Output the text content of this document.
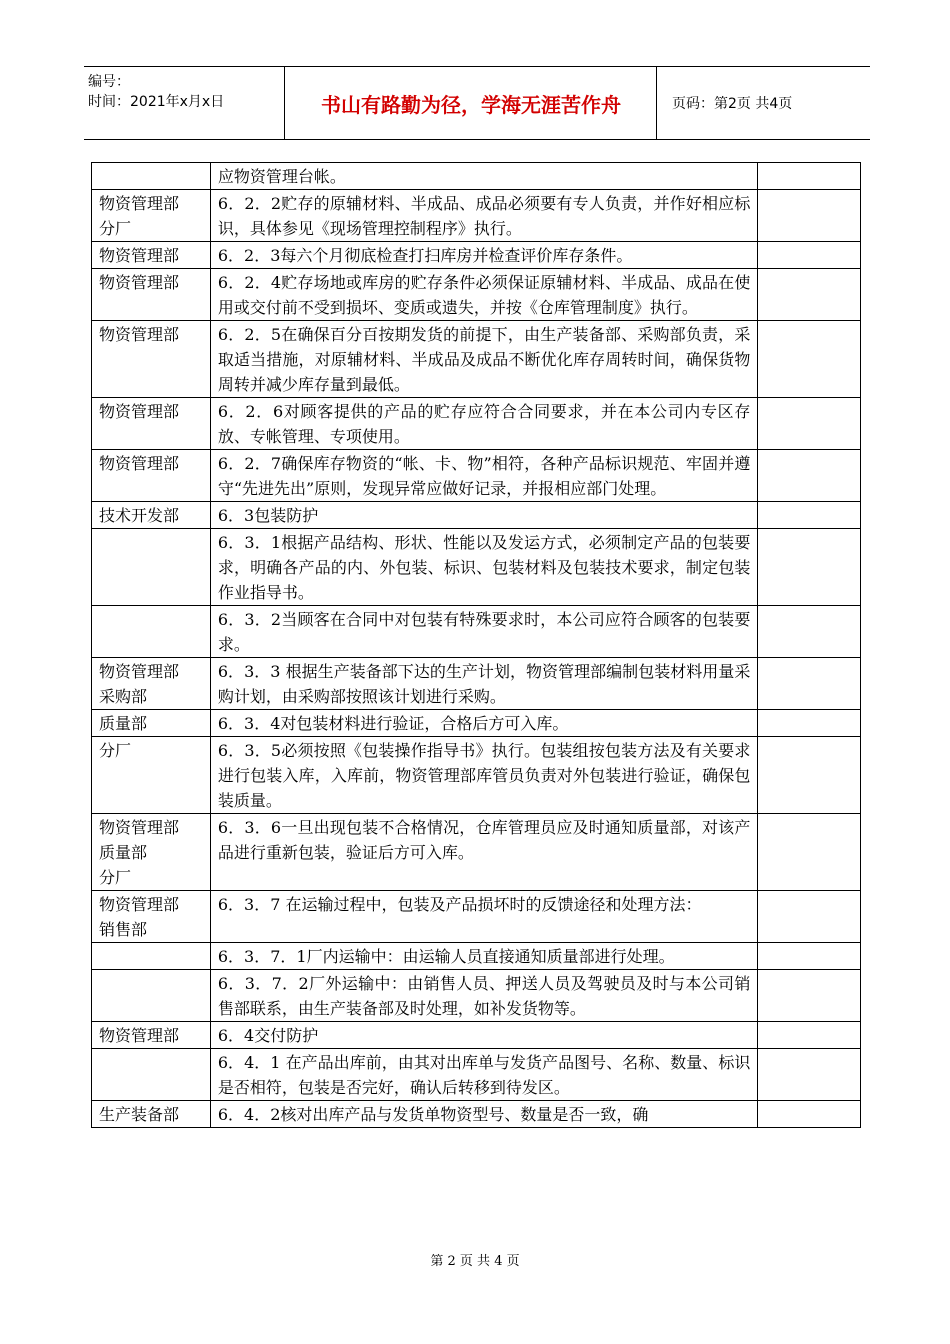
编号：
时间：2021年x月x日	书山有路勤为径，学海无涯苦作舟	页码：第2页 共4页
	应物资管理台帐。	

物资管理部
分厂	6．2．2贮存的原辅材料、半成品、成品必须要有专人负责，并作好相应标识，具体参见《现场管理控制程序》执行。	

物资管理部	6．2．3每六个月彻底检查打扫库房并检查评价库存条件。	

物资管理部	6．2．4贮存场地或库房的贮存条件必须保证原辅材料、半成品、成品在使用或交付前不受到损坏、变质或遗失，并按《仓库管理制度》执行。	

物资管理部	6．2．5在确保百分百按期发货的前提下，由生产装备部、采购部负责，采取适当措施，对原辅材料、半成品及成品不断优化库存周转时间，确保货物周转并减少库存量到最低。	

物资管理部	6．2．6对顾客提供的产品的贮存应符合合同要求，并在本公司内专区存放、专帐管理、专项使用。	

物资管理部	6．2．7确保库存物资的“帐、卡、物”相符，各种产品标识规范、牢固并遵守“先进先出”原则，发现异常应做好记录，并报相应部门处理。	

技术开发部	6．3包装防护	

	6．3．1根据产品结构、形状、性能以及发运方式，必须制定产品的包装要求，明确各产品的内、外包装、标识、包装材料及包装技术要求，制定包装作业指导书。	

	6．3．2当顾客在合同中对包装有特殊要求时，本公司应符合顾客的包装要求。	

物资管理部
采购部	6．3．3 根据生产装备部下达的生产计划，物资管理部编制包装材料用量采购计划，由采购部按照该计划进行采购。	

质量部	6．3．4对包装材料进行验证，合格后方可入库。	

分厂	6．3．5必须按照《包装操作指导书》执行。包装组按包装方法及有关要求进行包装入库，入库前，物资管理部库管员负责对外包装进行验证，确保包装质量。	

物资管理部
质量部
分厂	6．3．6一旦出现包装不合格情况，仓库管理员应及时通知质量部，对该产品进行重新包装，验证后方可入库。	

物资管理部
销售部	6．3．7 在运输过程中，包装及产品损坏时的反馈途径和处理方法：	

	6．3．7．1厂内运输中：由运输人员直接通知质量部进行处理。	

	6．3．7．2厂外运输中：由销售人员、押送人员及驾驶员及时与本公司销售部联系，由生产装备部及时处理，如补发货物等。	

物资管理部	6．4交付防护	

	6．4．1 在产品出库前，由其对出库单与发货产品图号、名称、数量、标识是否相符，包装是否完好，确认后转移到待发区。	

生产装备部	6．4．2核对出库产品与发货单物资型号、数量是否一致，确	
第 2 页 共 4 页
